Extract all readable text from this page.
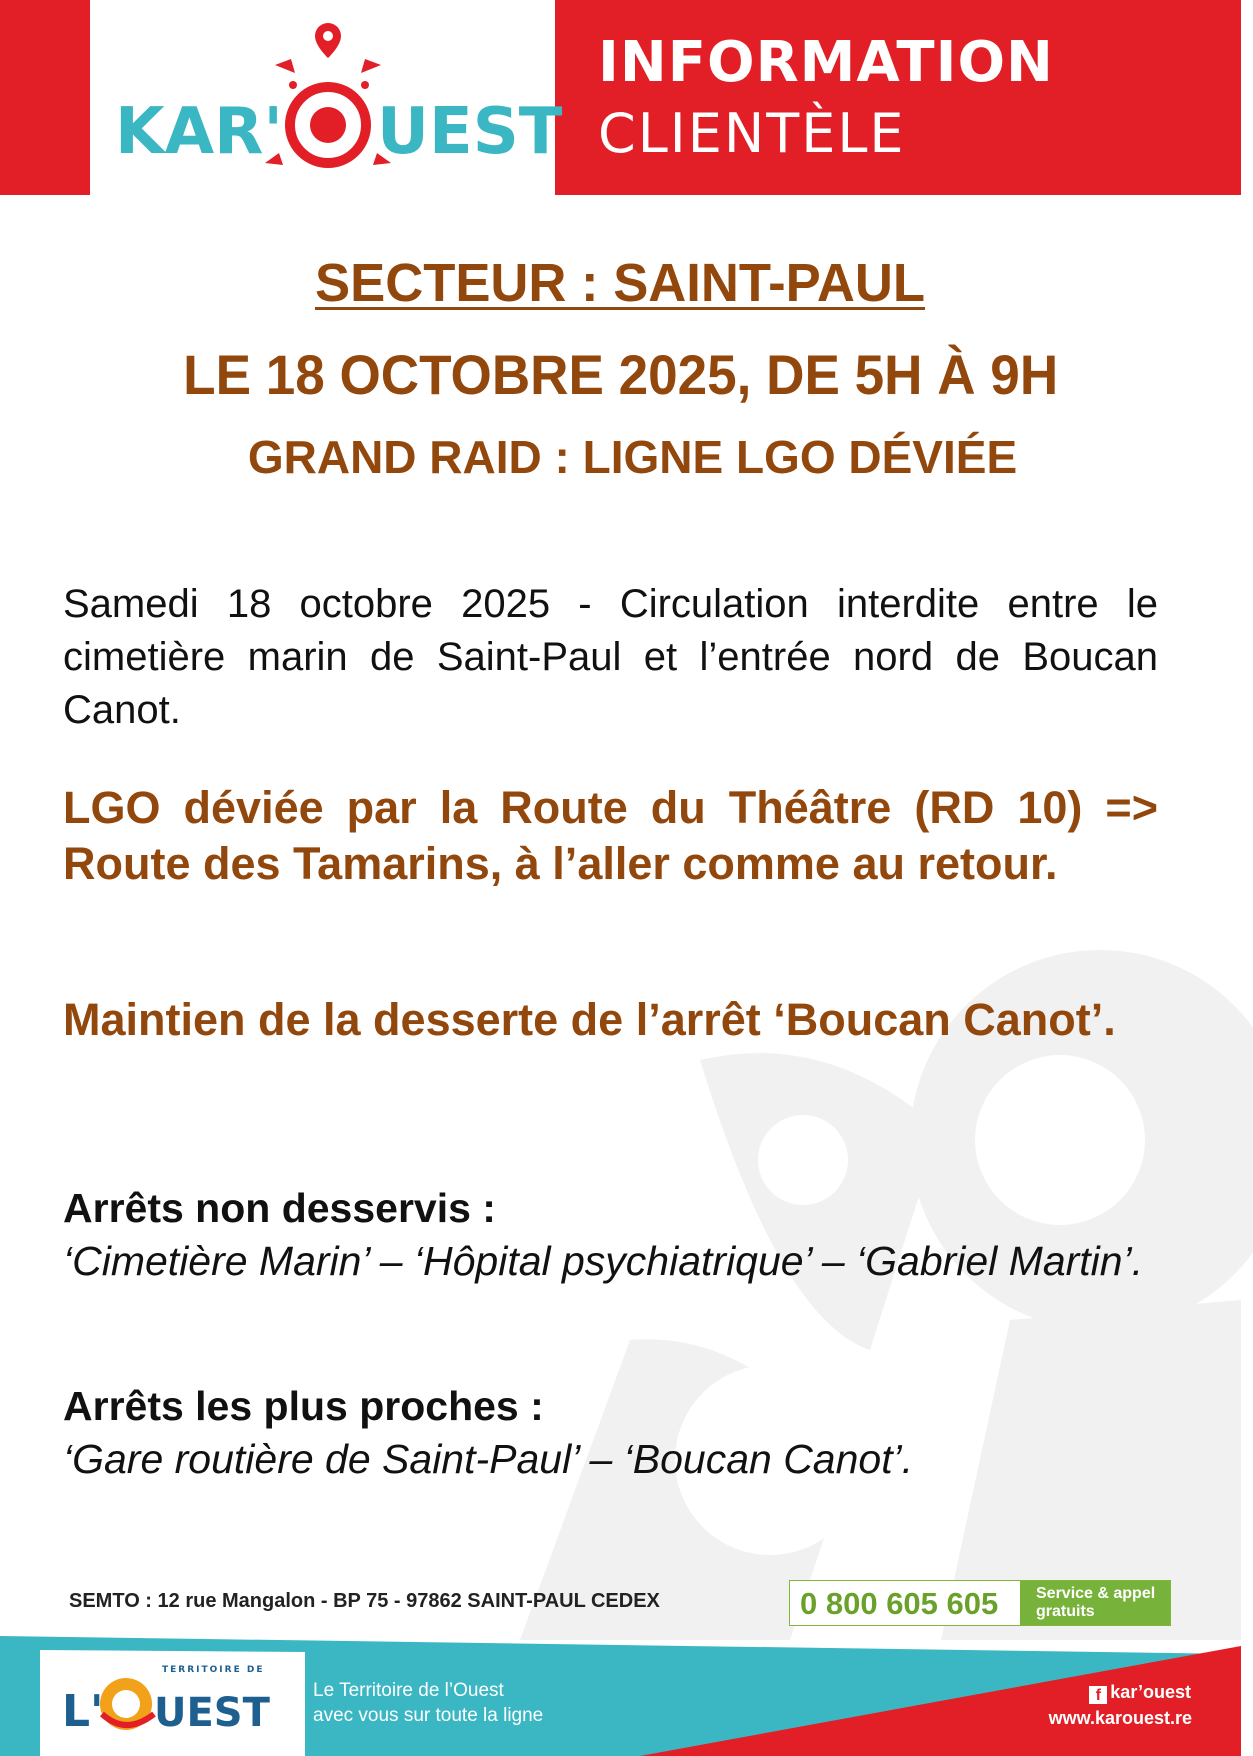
KAR' UEST
INFORMATION
CLIENTÈLE
SECTEUR : SAINT-PAUL
LE 18 OCTOBRE 2025, DE 5H À 9H
GRAND RAID : LIGNE LGO DÉVIÉE
Samedi 18 octobre 2025 - Circulation interdite entre le cimetière marin de Saint-Paul et l’entrée nord de Boucan Canot.
LGO déviée par la Route du Théâtre (RD 10) => Route des Tamarins, à l’aller comme au retour.
Maintien de la desserte de l’arrêt ‘Boucan Canot’.
Arrêts non desservis :
‘Cimetière Marin’ – ‘Hôpital psychiatrique’ – ‘Gabriel Martin’.
Arrêts les plus proches :
‘Gare routière de Saint-Paul’ – ‘Boucan Canot’.
SEMTO : 12 rue Mangalon - BP 75 - 97862 SAINT-PAUL CEDEX	0 800 605 605	Service & appel
gratuits
TERRITOIRE DE
L' UEST Le Territoire de l’Ouest
avec vous sur toute la ligne
f kar’ouest
www.karouest.re
